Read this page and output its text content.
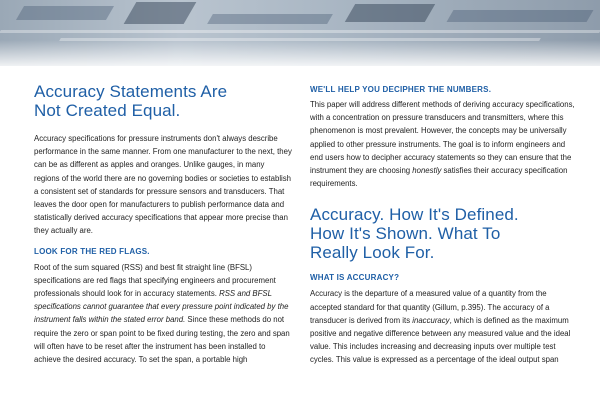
Accuracy Statements Are
Not Created Equal.

Accuracy specifications for pressure instruments don't always describe performance in the same manner. From one manufacturer to the next, they can be as different as apples and oranges. Unlike gauges, in many regions of the world there are no governing bodies or societies to establish a consistent set of standards for pressure sensors and transducers. That leaves the door open for manufacturers to publish performance data and statistically derived accuracy specifications that appear more precise than they actually are.

LOOK FOR THE RED FLAGS.

Root of the sum squared (RSS) and best fit straight line (BFSL) specifications are red flags that specifying engineers and procurement professionals should look for in accuracy statements. RSS and BFSL specifications cannot guarantee that every pressure point indicated by the instrument falls within the stated error band. Since these methods do not require the zero or span point to be fixed during testing, the zero and span will often have to be reset after the instrument has been installed to achieve the desired accuracy. To set the span, a portable high

WE'LL HELP YOU DECIPHER THE NUMBERS.

This paper will address different methods of deriving accuracy specifications, with a concentration on pressure transducers and transmitters, where this phenomenon is most prevalent. However, the concepts may be universally applied to other pressure instruments. The goal is to inform engineers and end users how to decipher accuracy statements so they can ensure that the instrument they are choosing honestly satisfies their accuracy specification requirements.

Accuracy. How It's Defined.
How It's Shown. What To
Really Look For.
WHAT IS ACCURACY?

Accuracy is the departure of a measured value of a quantity from the accepted standard for that quantity (Gillum, p.395). The accuracy of a transducer is derived from its inaccuracy, which is defined as the maximum positive and negative difference between any measured value and the ideal value. This includes increasing and decreasing inputs over multiple test cycles. This value is expressed as a percentage of the ideal output span
